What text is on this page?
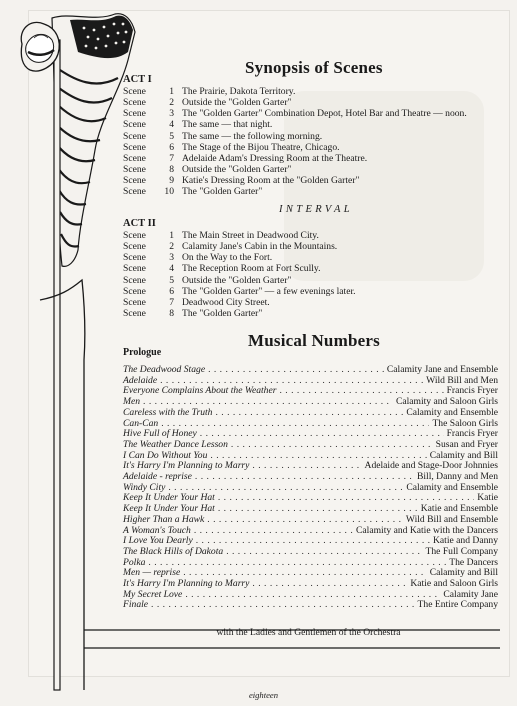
Synopsis of Scenes

ACT I

Scene	1 The Prairie, Dakota Territory.
Scene	2 Outside the "Golden Garter"
Scene	3 The "Golden Garter" Combination Depot, Hotel Bar and Theatre — noon.
Scene	4 The same — that night.
Scene	5 The same — the following morning.
Scene	6 The Stage of the Bijou Theatre, Chicago.
Scene	7 Adelaide Adam's Dressing Room at the Theatre.
Scene	8 Outside the "Golden Garter"
Scene	9 Katie's Dressing Room at the "Golden Garter"
Scene	10 The "Golden Garter"

INTERVAL

ACT II

Scene	1 The Main Street in Deadwood City.
Scene	2 Calamity Jane's Cabin in the Mountains.
Scene	3 On the Way to the Fort.
Scene	4 The Reception Room at Fort Scully.
Scene	5 Outside the "Golden Garter"
Scene	6 The "Golden Garter" — a few evenings later.
Scene	7 Deadwood City Street.
Scene	8 The "Golden Garter"
Musical Numbers

Prologue

The Deadwood Stage . . .	Calamity Jane and Ensemble
Adelaide . . .	Wild Bill and Men
Everyone Complains About the Weather . . .	Francis Fryer
Men . . .	Calamity and Saloon Girls
Careless with the Truth . . .	Calamity and Ensemble
Can-Can . . .	The Saloon Girls
Hive Full of Honey . . .	Francis Fryer
The Weather Dance Lesson . . .	Susan and Fryer
I Can Do Without You . . .	Calamity and Bill
It's Harry I'm Planning to Marry . . .	Adelaide and Stage-Door Johnnies
Adelaide - reprise . . .	Bill, Danny and Men
Windy City . . .	Calamity and Ensemble
Keep It Under Your Hat . . .	Katie
Keep It Under Your Hat . . .	Katie and Ensemble
Higher Than a Hawk . . .	Wild Bill and Ensemble
A Woman's Touch . . .	Calamity and Katie with the Dancers
I Love You Dearly . . .	Katie and Danny
The Black Hills of Dakota . . .	The Full Company
Polka . . .	The Dancers
Men — reprise . . .	Calamity and Bill
It's Harry I'm Planning to Marry . . .	Katie and Saloon Girls
My Secret Love . . .	Calamity Jane
Finale . . .	The Entire Company

with the Ladies and Gentlemen of the Orchestra

eighteen
